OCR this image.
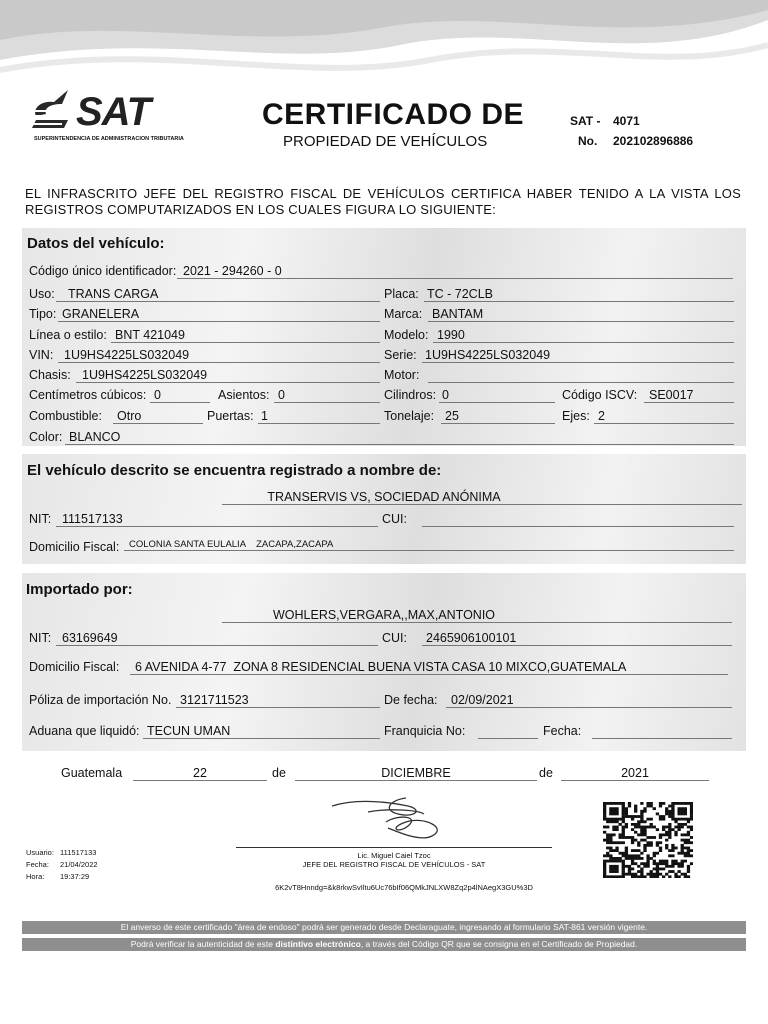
SAT
SUPERINTENDENCIA DE ADMINISTRACION TRIBUTARIA
CERTIFICADO DE
PROPIEDAD DE VEHÍCULOS
SAT - 4071
No. 202102896886
EL INFRASCRITO JEFE DEL REGISTRO FISCAL DE VEHÍCULOS CERTIFICA HABER TENIDO A LA VISTA LOS REGISTROS COMPUTARIZADOS EN LOS CUALES FIGURA LO SIGUIENTE:
Datos del vehículo:
Código único identificador: 2021 - 294260 - 0
Uso: TRANS CARGA	Placa: TC - 72CLB
Tipo: GRANELERA	Marca: BANTAM
Línea o estilo: BNT 421049	Modelo: 1990
VIN: 1U9HS4225LS032049	Serie: 1U9HS4225LS032049
Chasis: 1U9HS4225LS032049	Motor:
Centímetros cúbicos: 0	Asientos: 0	Cilindros: 0	Código ISCV: SE0017
Combustible: Otro	Puertas: 1	Tonelaje: 25	Ejes: 2
Color: BLANCO
El vehículo descrito se encuentra registrado a nombre de:
TRANSERVIS VS, SOCIEDAD ANÓNIMA
NIT: 111517133	CUI:
Domicilio Fiscal: COLONIA SANTA EULALIA    ZACAPA,ZACAPA
Importado por:
WOHLERS,VERGARA,,MAX,ANTONIO
NIT: 63169649	CUI: 2465906100101
Domicilio Fiscal: 6 AVENIDA 4-77  ZONA 8 RESIDENCIAL BUENA VISTA CASA 10 MIXCO,GUATEMALA
Póliza de importación No. 3121711523	De fecha: 02/09/2021
Aduana que liquidó: TECUN UMAN	Franquicia No:	Fecha:
Guatemala	22	de	DICIEMBRE	de	2021
Lic. Miguel Caiel Tzoc
JEFE DEL REGISTRO FISCAL DE VEHÍCULOS - SAT
6K2vT8Hnndg=&k8rkwSvIltu6Uc76bIf06QMkJNLXW8Zq2p4lNAegX3GU%3D
Usuario: 111517133
Fecha: 21/04/2022
Hora: 19:37:29
El anverso de este certificado "área de endoso" podrá ser generado desde Declaraguate, ingresando al formulario SAT-861 versión vigente.
Podrá verificar la autenticidad de este distintivo electrónico, a través del Código QR que se consigna en el Certificado de Propiedad.
